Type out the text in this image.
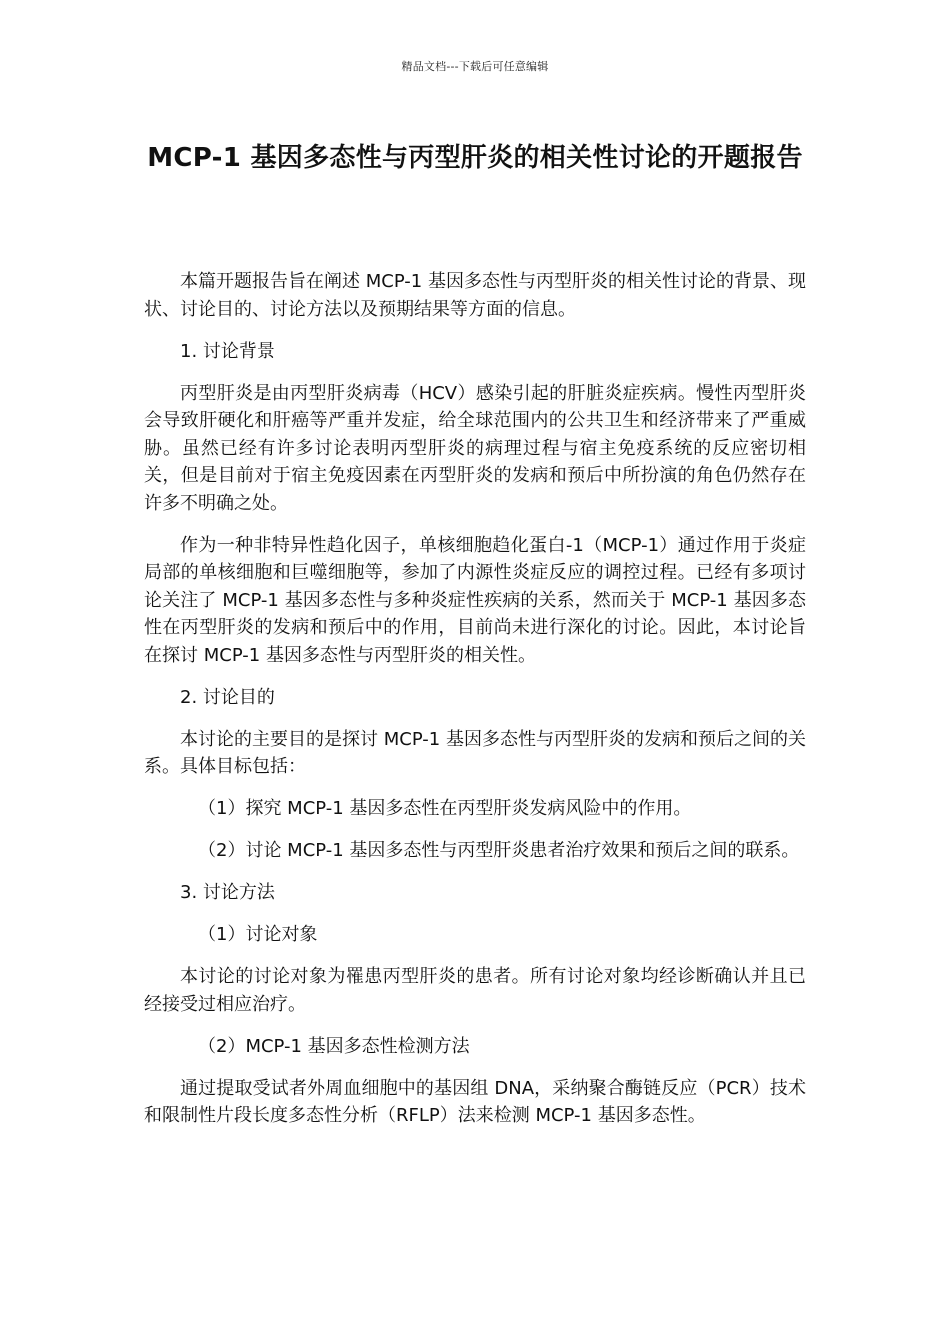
精品文档---下载后可任意编辑
MCP-1 基因多态性与丙型肝炎的相关性讨论的开题报告

本篇开题报告旨在阐述 MCP-1 基因多态性与丙型肝炎的相关性讨论的背景、现状、讨论目的、讨论方法以及预期结果等方面的信息。

1. 讨论背景

丙型肝炎是由丙型肝炎病毒（HCV）感染引起的肝脏炎症疾病。慢性丙型肝炎会导致肝硬化和肝癌等严重并发症，给全球范围内的公共卫生和经济带来了严重威胁。虽然已经有许多讨论表明丙型肝炎的病理过程与宿主免疫系统的反应密切相关，但是目前对于宿主免疫因素在丙型肝炎的发病和预后中所扮演的角色仍然存在许多不明确之处。

作为一种非特异性趋化因子，单核细胞趋化蛋白-1（MCP-1）通过作用于炎症局部的单核细胞和巨噬细胞等，参加了内源性炎症反应的调控过程。已经有多项讨论关注了 MCP-1 基因多态性与多种炎症性疾病的关系，然而关于 MCP-1 基因多态性在丙型肝炎的发病和预后中的作用，目前尚未进行深化的讨论。因此，本讨论旨在探讨 MCP-1 基因多态性与丙型肝炎的相关性。

2. 讨论目的

本讨论的主要目的是探讨 MCP-1 基因多态性与丙型肝炎的发病和预后之间的关系。具体目标包括：

（1）探究 MCP-1 基因多态性在丙型肝炎发病风险中的作用。

（2）讨论 MCP-1 基因多态性与丙型肝炎患者治疗效果和预后之间的联系。

3. 讨论方法

（1）讨论对象

本讨论的讨论对象为罹患丙型肝炎的患者。所有讨论对象均经诊断确认并且已经接受过相应治疗。

（2）MCP-1 基因多态性检测方法

通过提取受试者外周血细胞中的基因组 DNA，采纳聚合酶链反应（PCR）技术和限制性片段长度多态性分析（RFLP）法来检测 MCP-1 基因多态性。
